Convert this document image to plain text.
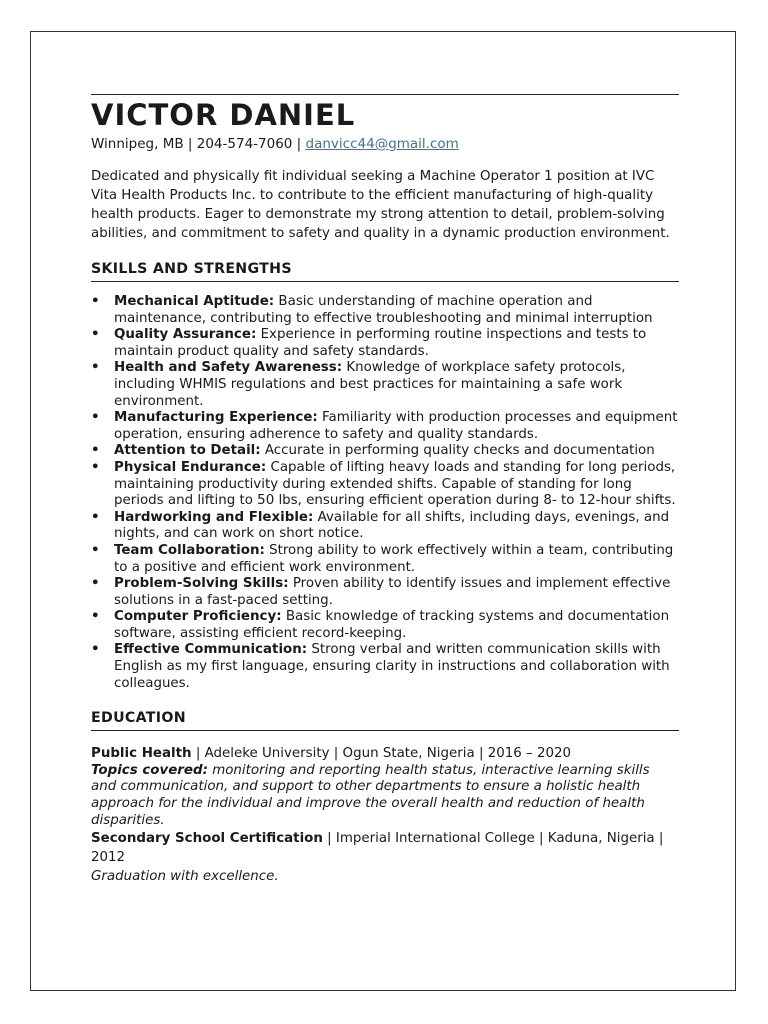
VICTOR DANIEL
Winnipeg, MB | 204-574-7060 | danvicc44@gmail.com

Dedicated and physically fit individual seeking a Machine Operator 1 position at IVC Vita Health Products Inc. to contribute to the efficient manufacturing of high-quality health products. Eager to demonstrate my strong attention to detail, problem-solving abilities, and commitment to safety and quality in a dynamic production environment.

SKILLS AND STRENGTHS
• Mechanical Aptitude: Basic understanding of machine operation and maintenance, contributing to effective troubleshooting and minimal interruption
• Quality Assurance: Experience in performing routine inspections and tests to maintain product quality and safety standards.
• Health and Safety Awareness: Knowledge of workplace safety protocols, including WHMIS regulations and best practices for maintaining a safe work environment.
• Manufacturing Experience: Familiarity with production processes and equipment operation, ensuring adherence to safety and quality standards.
• Attention to Detail: Accurate in performing quality checks and documentation
• Physical Endurance: Capable of lifting heavy loads and standing for long periods, maintaining productivity during extended shifts. Capable of standing for long periods and lifting to 50 lbs, ensuring efficient operation during 8- to 12-hour shifts.
• Hardworking and Flexible: Available for all shifts, including days, evenings, and nights, and can work on short notice.
• Team Collaboration: Strong ability to work effectively within a team, contributing to a positive and efficient work environment.
• Problem-Solving Skills: Proven ability to identify issues and implement effective solutions in a fast-paced setting.
• Computer Proficiency: Basic knowledge of tracking systems and documentation software, assisting efficient record-keeping.
• Effective Communication: Strong verbal and written communication skills with English as my first language, ensuring clarity in instructions and collaboration with colleagues.
EDUCATION
Public Health | Adeleke University | Ogun State, Nigeria | 2016 – 2020
Topics covered: monitoring and reporting health status, interactive learning skills and communication, and support to other departments to ensure a holistic health approach for the individual and improve the overall health and reduction of health disparities.
Secondary School Certification | Imperial International College | Kaduna, Nigeria | 2012
Graduation with excellence.
